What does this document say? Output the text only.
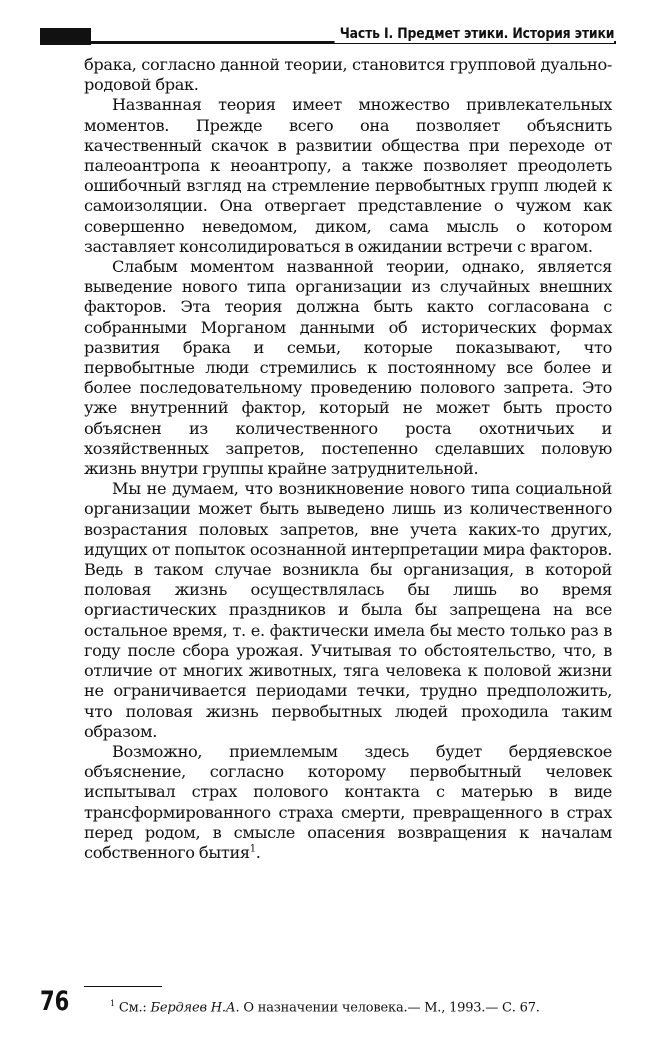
Часть I. Предмет этики. История этики

брака, согласно данной теории, становится групповой дуально-родовой брак.

Названная теория имеет множество привлекательных моментов. Прежде всего она позволяет объяснить качественный скачок в развитии общества при переходе от палеоантропа к неоантропу, а также позволяет преодолеть ошибочный взгляд на стремление первобытных групп людей к самоизоляции. Она отвергает представление о чужом как совершенно неведомом, диком, сама мысль о котором заставляет консолидироваться в ожидании встречи с врагом.

Слабым моментом названной теории, однако, является выведение нового типа организации из случайных внешних факторов. Эта теория должна быть както согласована с собранными Морганом данными об исторических формах развития брака и семьи, которые показывают, что первобытные люди стремились к постоянному все более и более последовательному проведению полового запрета. Это уже внутренний фактор, который не может быть просто объяснен из количественного роста охотничьих и хозяйственных запретов, постепенно сделавших половую жизнь внутри группы крайне затруднительной.

Мы не думаем, что возникновение нового типа социальной организации может быть выведено лишь из количественного возрастания половых запретов, вне учета каких-то других, идущих от попыток осознанной интерпретации мира факторов. Ведь в таком случае возникла бы организация, в которой половая жизнь осуществлялась бы лишь во время оргиастических праздников и была бы запрещена на все остальное время, т. е. фактически имела бы место только раз в году после сбора урожая. Учитывая то обстоятельство, что, в отличие от многих животных, тяга человека к половой жизни не ограничивается периодами течки, трудно предположить, что половая жизнь первобытных людей проходила таким образом.

Возможно, приемлемым здесь будет бердяевское объяснение, согласно которому первобытный человек испытывал страх полового контакта с матерью в виде трансформированного страха смерти, превращенного в страх перед родом, в смысле опасения возвращения к началам собственного бытия$^1$.

76	$^1$ См.: Бердяев Н.А. О назначении человека.— М., 1993.— С. 67.
